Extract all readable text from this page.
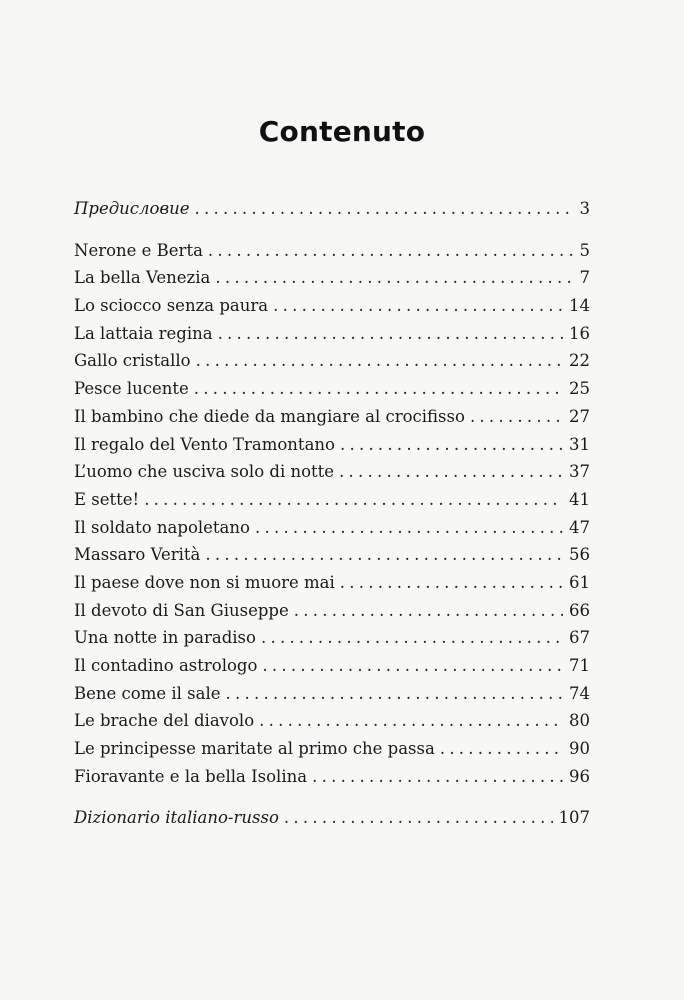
Contenuto
Предисловие . . .	3
Nerone e Berta . . .	5
La bella Venezia . . .	7
Lo sciocco senza paura . . .	14
La lattaia regina . . .	16
Gallo cristallo . . .	22
Pesce lucente . . .	25
Il bambino che diede da mangiare al crocifisso . . .	27
Il regalo del Vento Tramontano . . .	31
L’uomo che usciva solo di notte . . .	37
E sette! . . .	41
Il soldato napoletano . . .	47
Massaro Verità . . .	56
Il paese dove non si muore mai . . .	61
Il devoto di San Giuseppe . . .	66
Una notte in paradiso . . .	67
Il contadino astrologo . . .	71
Bene come il sale . . .	74
Le brache del diavolo . . .	80
Le principesse maritate al primo che passa . . .	90
Fioravante e la bella Isolina . . .	96
Dizionario italiano-russo . . .	107
